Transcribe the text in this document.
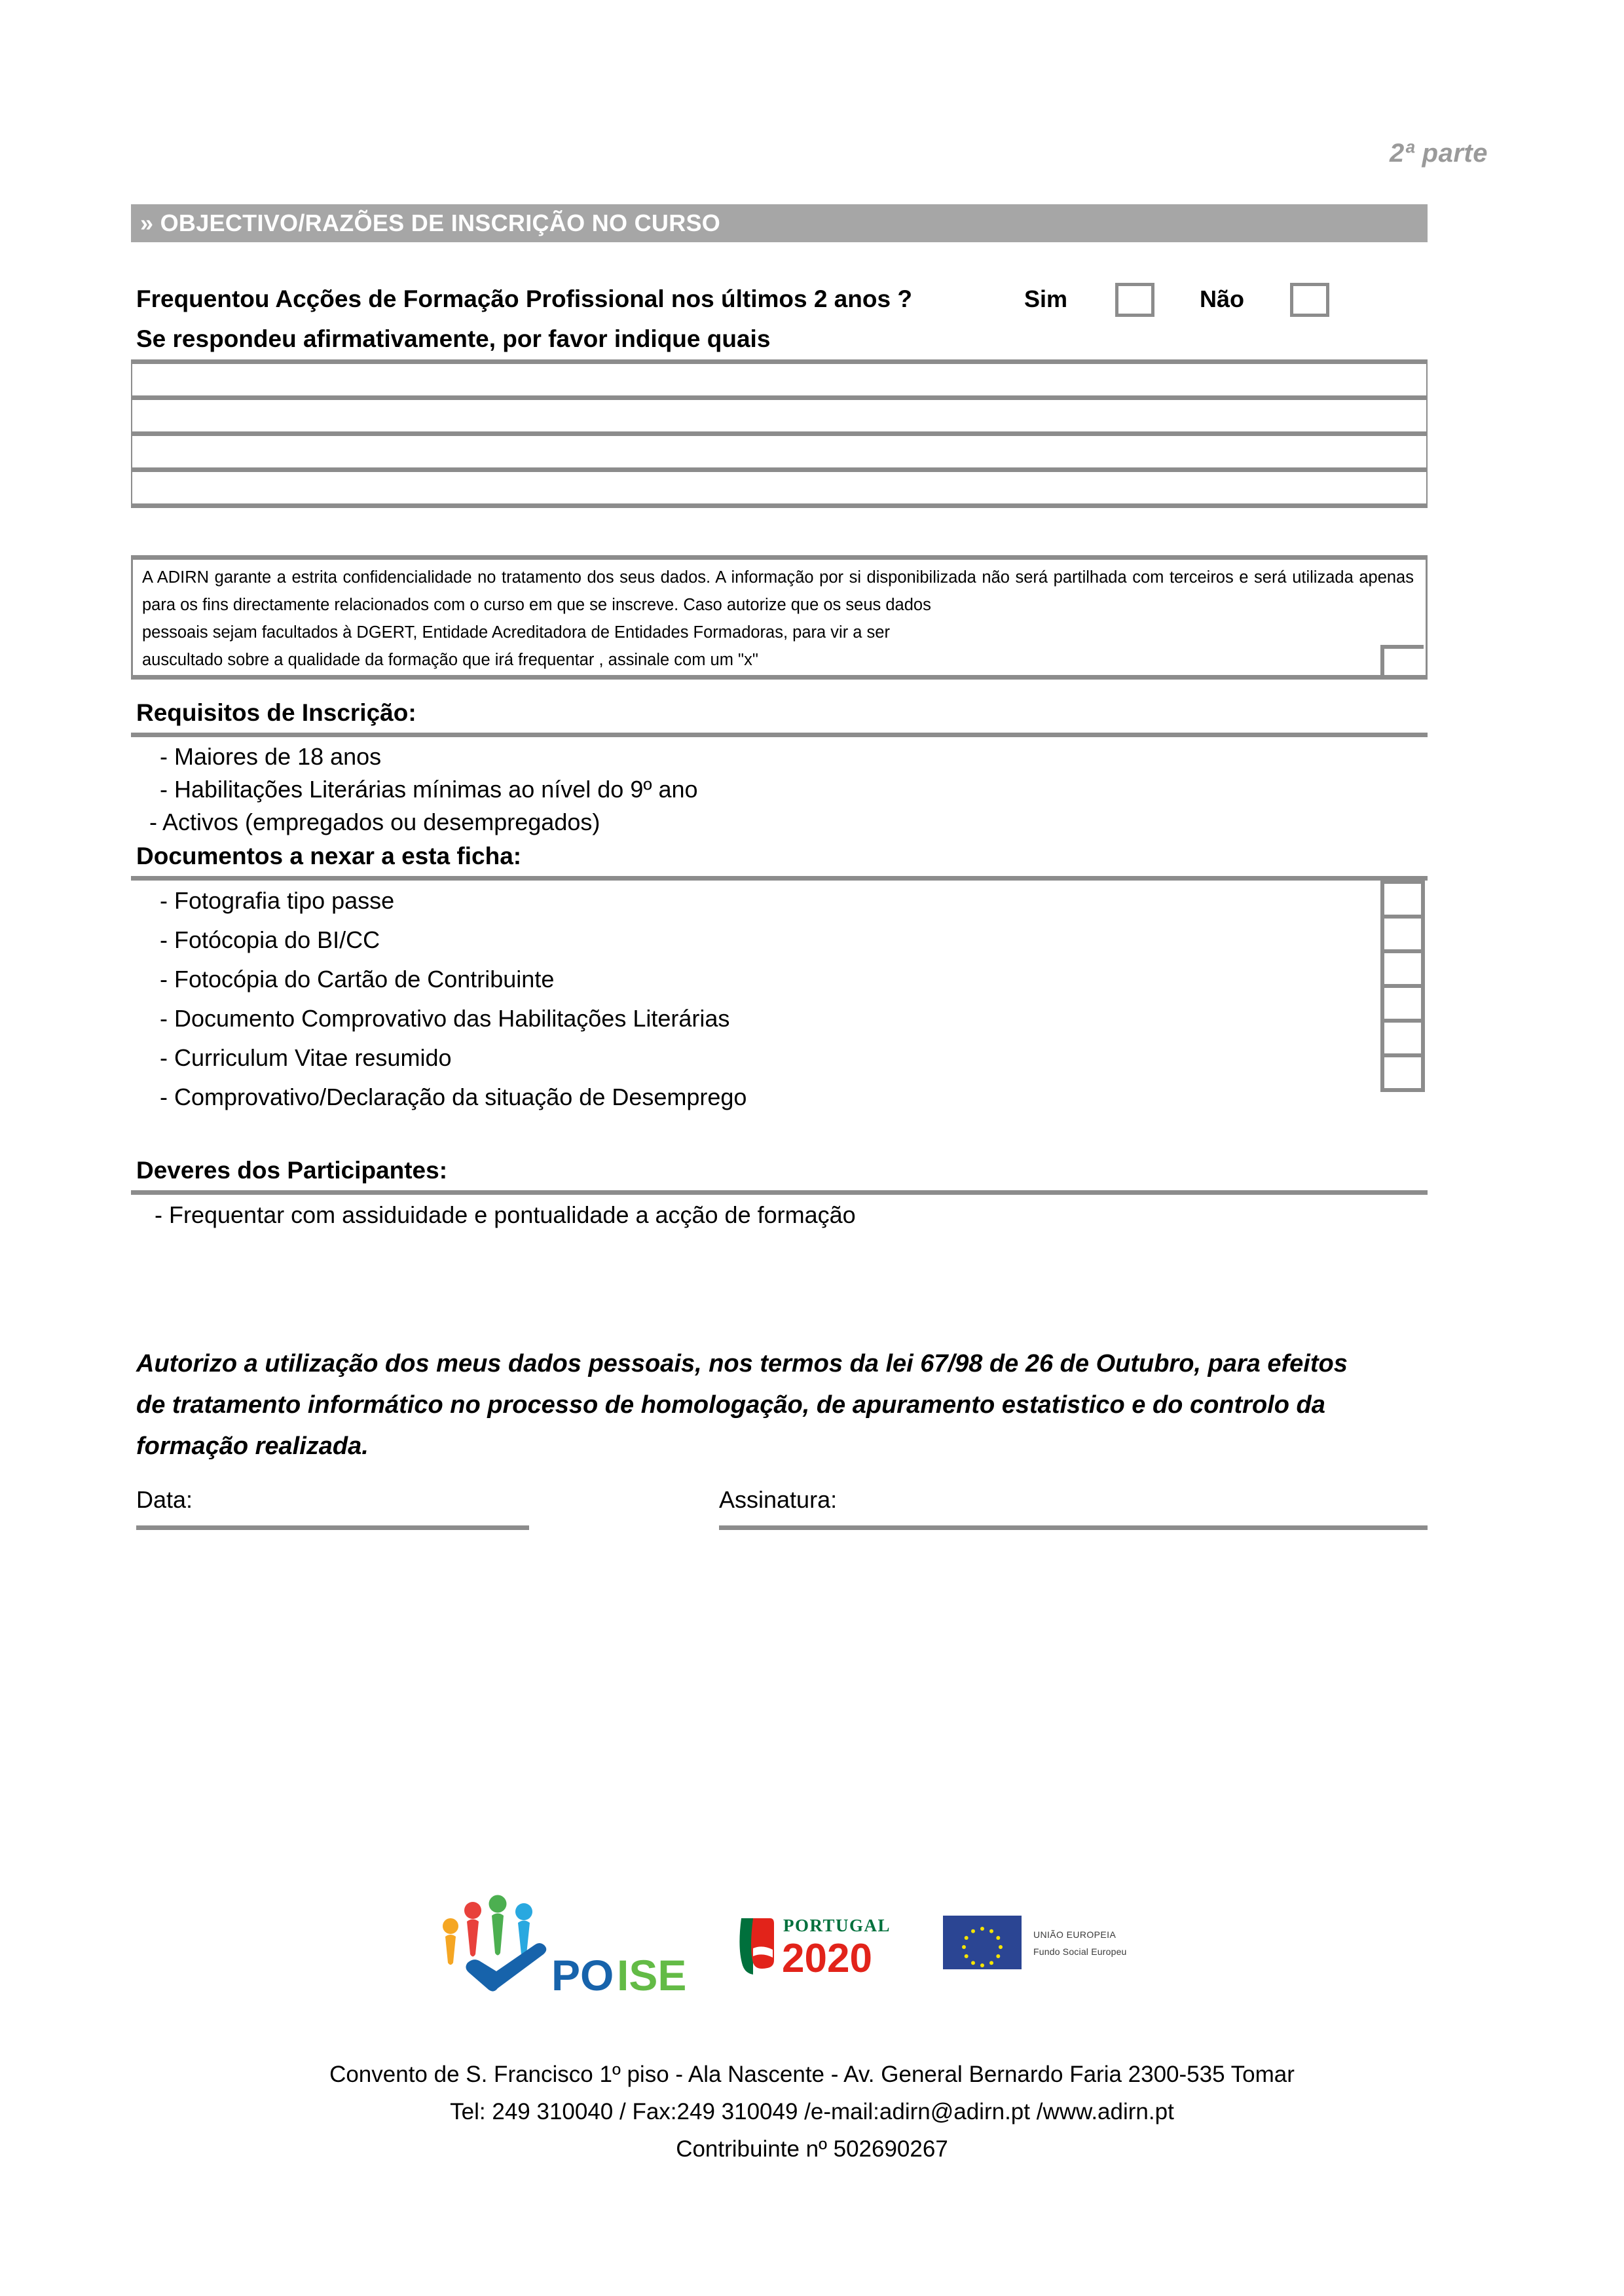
2ª parte
» OBJECTIVO/RAZÕES DE INSCRIÇÃO NO CURSO
Frequentou Acções de Formação Profissional nos últimos 2 anos ?	Sim	Não
Se respondeu afirmativamente, por favor indique quais
A ADIRN garante a estrita confidencialidade no tratamento dos seus dados. A informação por si disponibilizada não será partilhada com terceiros e será utilizada apenas para os fins directamente relacionados com o curso em que se inscreve. Caso autorize que os seus dados
pessoais sejam facultados à DGERT, Entidade Acreditadora de Entidades Formadoras, para vir a ser
auscultado sobre a qualidade da formação que irá frequentar , assinale com um "x"
Requisitos de Inscrição:
- Maiores de 18 anos
- Habilitações Literárias mínimas ao nível do 9º ano
- Activos (empregados ou desempregados)
Documentos a nexar a esta ficha:
- Fotografia tipo passe
- Fotócopia do BI/CC
- Fotocópia do Cartão de Contribuinte
- Documento Comprovativo das Habilitações Literárias
- Curriculum Vitae resumido
- Comprovativo/Declaração da situação de Desemprego
Deveres dos Participantes:
- Frequentar com assiduidade e pontualidade a acção de formação
Autorizo a utilização dos meus dados pessoais, nos termos da lei 67/98 de 26 de Outubro, para efeitos de tratamento informático no processo de homologação, de apuramento estatistico e do controlo da formação realizada.
Data:	Assinatura:
PO ISE
PORTUGAL
2020
UNIÃO EUROPEIA
Fundo Social Europeu
Convento de S. Francisco 1º piso - Ala Nascente - Av. General Bernardo Faria 2300-535 Tomar
Tel: 249 310040 / Fax:249 310049 /e-mail:adirn@adirn.pt /www.adirn.pt
Contribuinte nº 502690267
